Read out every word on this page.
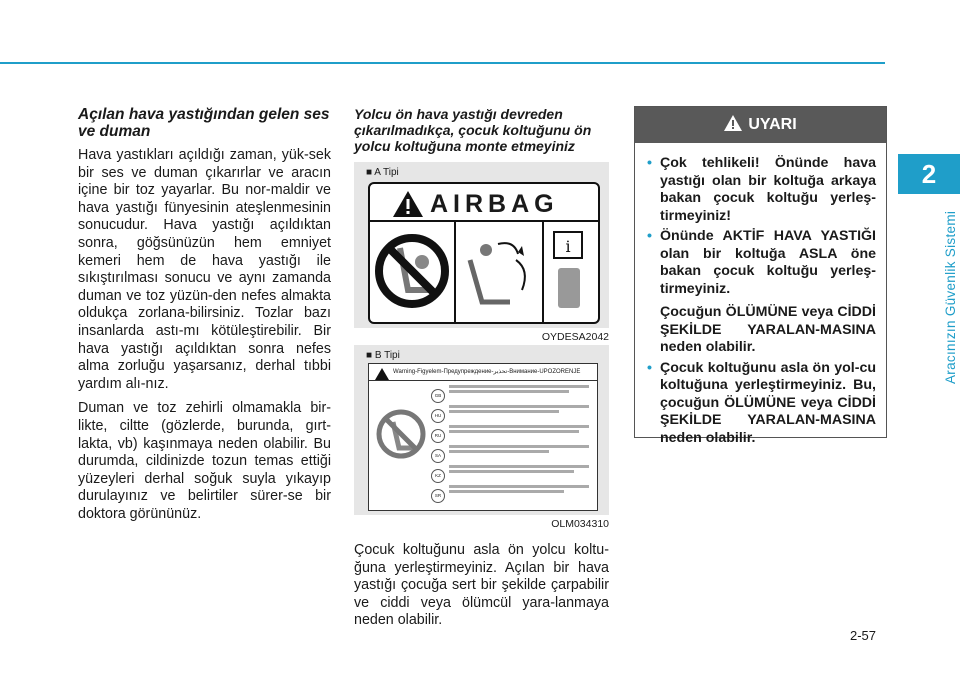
2
Aracınızın Güvenlik Sistemi
Açılan hava yastığından gelen ses ve duman

Hava yastıkları açıldığı zaman, yük-sek bir ses ve duman çıkarırlar ve aracın içine bir toz yayarlar. Bu nor-maldir ve hava yastığı fünyesinin ateşlenmesinin sonucudur. Hava yastığı açıldıktan sonra, göğsünüzün hem emniyet kemeri hem de hava yastığı ile sıkıştırılması sonucu ve aynı zamanda duman ve toz yüzün-den nefes almakta oldukça zorlana-bilirsiniz. Tozlar bazı insanlarda astı-mı kötüleştirebilir. Bir hava yastığı açıldıktan sonra nefes alma zorluğu yaşarsanız, derhal tıbbi yardım alı-nız.

Duman ve toz zehirli olmamakla bir-likte, ciltte (gözlerde, burunda, gırt-lakta, vb) kaşınmaya neden olabilir. Bu durumda, cildinizde tozun temas ettiği yüzeyleri derhal soğuk suyla yıkayıp durulayınız ve belirtiler sürer-se bir doktora görününüz.

Yolcu ön hava yastığı devreden çıkarılmadıkça, çocuk koltuğunu ön yolcu koltuğuna monte etmeyiniz
■ A Tipi
AIRBAG
i
OYDESA2042
■ B Tipi
Warning-Figyelem-Предупреждение-تحذير-Внимание-UPOZORENJE
GB
HU
RU
SA
KZ
SR
OLM034310

Çocuk koltuğunu asla ön yolcu koltu-ğuna yerleştirmeyiniz. Açılan bir hava yastığı çocuğa sert bir şekilde çarpabilir ve ciddi veya ölümcül yara-lanmaya neden olabilir.

UYARI
• Çok tehlikeli! Önünde hava yastığı olan bir koltuğa arkaya bakan çocuk koltuğu yerleş-tirmeyiniz!

• Önünde AKTİF HAVA YASTIĞI olan bir koltuğa ASLA öne bakan çocuk koltuğu yerleş-tirmeyiniz.

Çocuğun ÖLÜMÜNE veya CİDDİ ŞEKİLDE YARALAN-MASINA neden olabilir.

• Çocuk koltuğunu asla ön yol-cu koltuğuna yerleştirmeyiniz. Bu, çocuğun ÖLÜMÜNE veya CİDDİ ŞEKİLDE YARALAN-MASINA neden olabilir.

2-57
